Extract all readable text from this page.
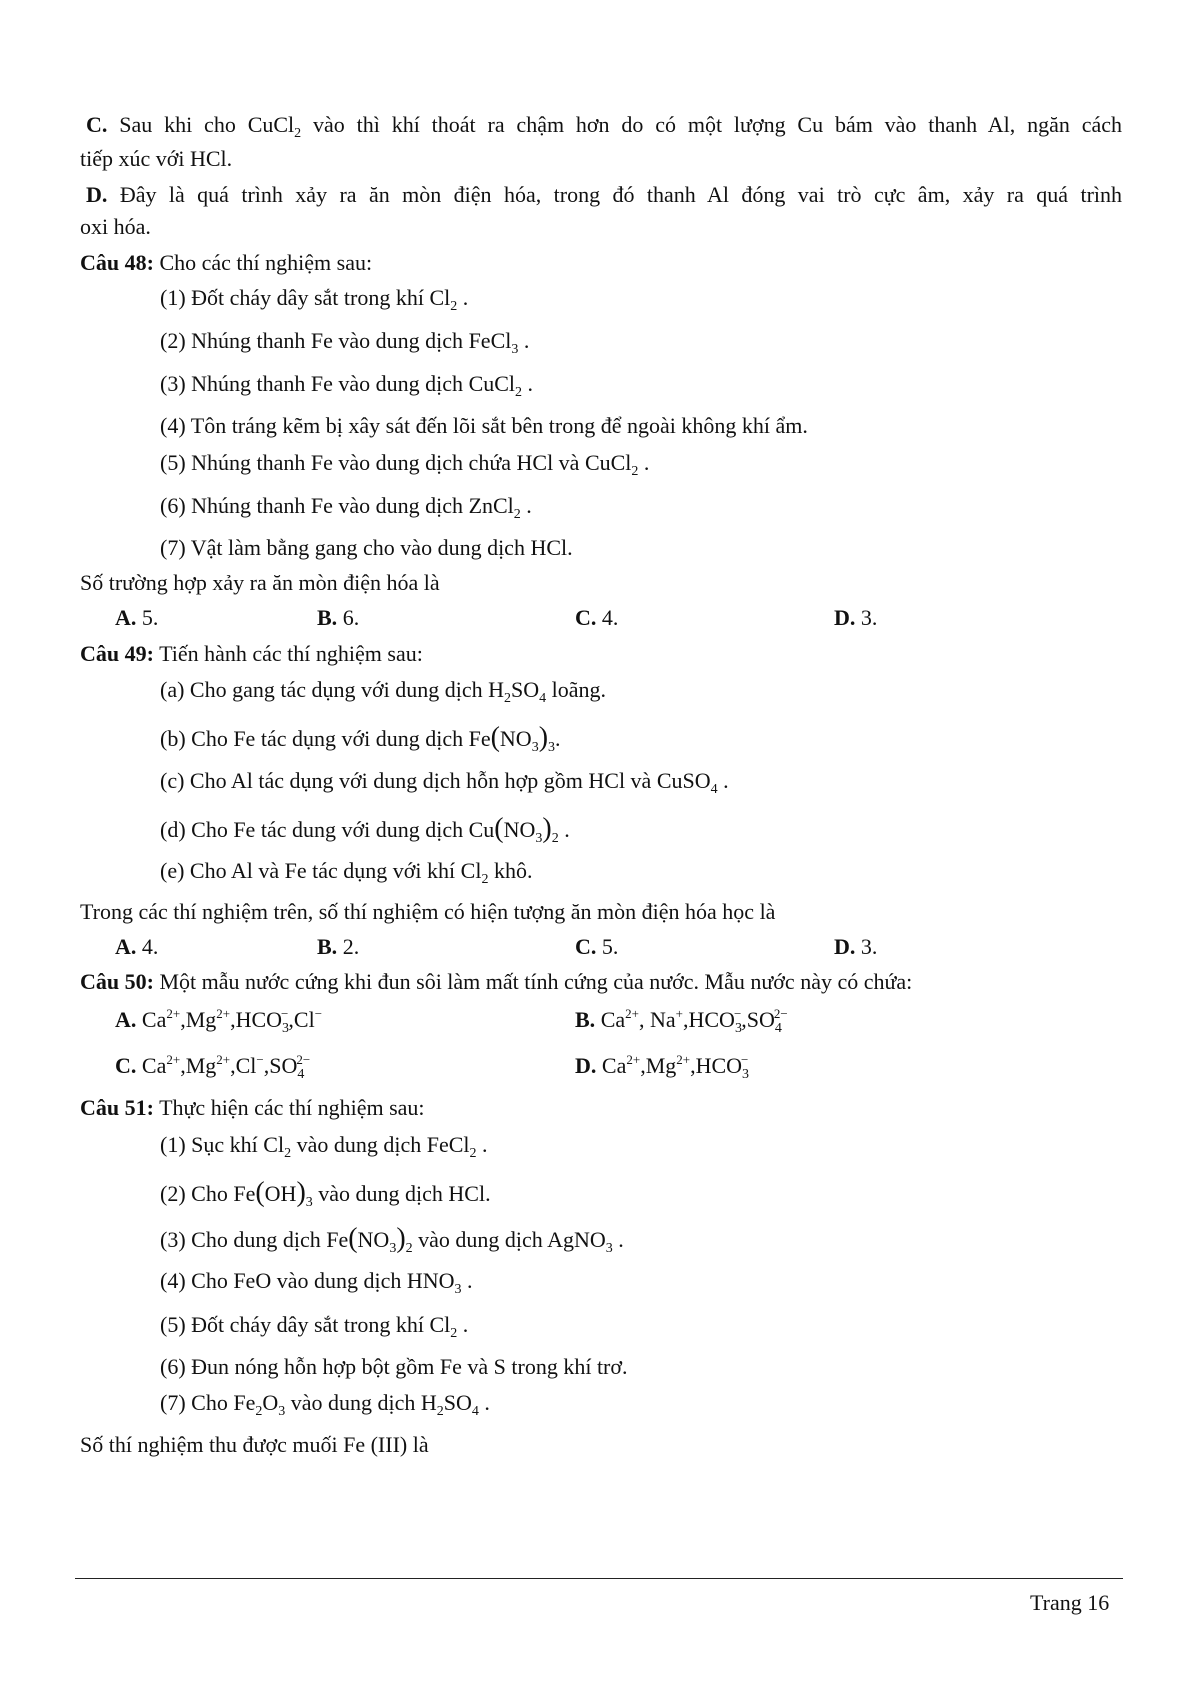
C. Sau khi cho CuCl$_2$ vào thì khí thoát ra chậm hơn do có một lượng Cu bám vào thanh Al, ngăn cách
tiếp xúc với HCl.
D. Đây là quá trình xảy ra ăn mòn điện hóa, trong đó thanh Al đóng vai trò cực âm, xảy ra quá trình
oxi hóa.
Câu 48: Cho các thí nghiệm sau:
(1) Đốt cháy dây sắt trong khí $Cl_2$ .
(2) Nhúng thanh Fe vào dung dịch FeCl$_3$ .
(3) Nhúng thanh Fe vào dung dịch CuCl$_2$ .
(4) Tôn tráng kẽm bị xây sát đến lõi sắt bên trong để ngoài không khí ẩm.
(5) Nhúng thanh Fe vào dung dịch chứa HCl và CuCl$_2$ .
(6) Nhúng thanh Fe vào dung dịch ZnCl$_2$ .
(7) Vật làm bằng gang cho vào dung dịch HCl.
Số trường hợp xảy ra ăn mòn điện hóa là
A. 5.	B. 6.	C. 4.	D. 3.
Câu 49: Tiến hành các thí nghiệm sau:
(a) Cho gang tác dụng với dung dịch $H_2SO_4$ loãng.
(b) Cho Fe tác dụng với dung dịch $Fe(NO_3)_3$.
(c) Cho Al tác dụng với dung dịch hỗn hợp gồm HCl và CuSO$_4$ .
(d) Cho Fe tác dung với dung dịch $Cu(NO_3)_2$ .
(e) Cho Al và Fe tác dụng với khí $Cl_2$ khô.
Trong các thí nghiệm trên, số thí nghiệm có hiện tượng ăn mòn điện hóa học là
A. 4.	B. 2.	C. 5.	D. 3.
Câu 50: Một mẫu nước cứng khi đun sôi làm mất tính cứng của nước. Mẫu nước này có chứa:
A. $Ca^{2+},Mg^{2+},HCO_3^-,Cl^-$	B. $Ca^{2+}$, $Na^+,HCO_3^-,SO_4^{2-}$
C. $Ca^{2+},Mg^{2+},Cl^-,SO_4^{2-}$	D. $Ca^{2+},Mg^{2+},HCO_3^-$
Câu 51: Thực hiện các thí nghiệm sau:
(1) Sục khí $Cl_2$ vào dung dịch FeCl$_2$ .
(2) Cho $Fe(OH)_3$ vào dung dịch HCl.
(3) Cho dung dịch $Fe(NO_3)_2$ vào dung dịch AgNO$_3$ .
(4) Cho FeO vào dung dịch $HNO_3$ .
(5) Đốt cháy dây sắt trong khí $Cl_2$ .
(6) Đun nóng hỗn hợp bột gồm Fe và S trong khí trơ.
(7) Cho $Fe_2O_3$ vào dung dịch $H_2SO_4$ .
Số thí nghiệm thu được muối Fe (III) là
Trang 16
